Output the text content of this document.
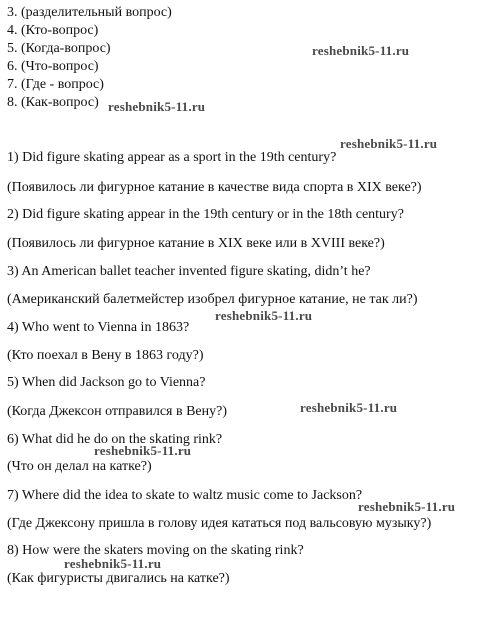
3. (разделительный вопрос)
4. (Кто-вопрос)
5. (Когда-вопрос)
6. (Что-вопрос)
7. (Где - вопрос)
8. (Как-вопрос)
1) Did figure skating appear as a sport in the 19th century?
(Появилось ли фигурное катание в качестве вида спорта в XIX веке?)
2) Did figure skating appear in the 19th century or in the 18th century?
(Появилось ли фигурное катание в XIX веке или в XVIII веке?)
3) An American ballet teacher invented figure skating, didn’t he?
(Американский балетмейстер изобрел фигурное катание, не так ли?)
4) Who went to Vienna in 1863?
(Кто поехал в Вену в 1863 году?)
5) When did Jackson go to Vienna?
(Когда Джексон отправился в Вену?)
6) What did he do on the skating rink?
(Что он делал на катке?)
7) Where did the idea to skate to waltz music come to Jackson?
(Где Джексону пришла в голову идея кататься под вальсовую музыку?)
8) How were the skaters moving on the skating rink?
(Как фигуристы двигались на катке?)
reshebnik5-11.ru
reshebnik5-11.ru
reshebnik5-11.ru
reshebnik5-11.ru
reshebnik5-11.ru
reshebnik5-11.ru
reshebnik5-11.ru
reshebnik5-11.ru
